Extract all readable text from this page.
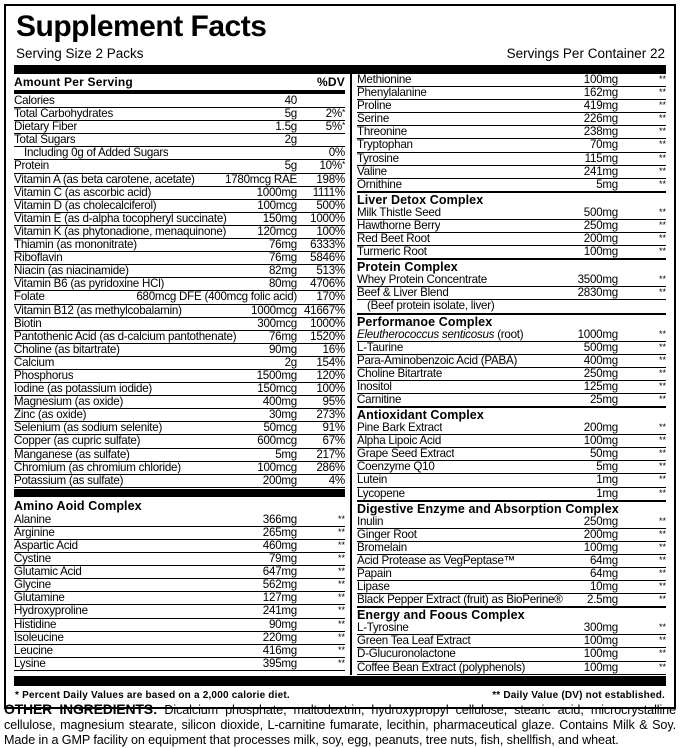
Supplement Facts
Serving Size 2 Packs	Servings Per Container 22
Amount Per Serving	%DV
Calories	40
Total Carbohydrates	5g	2%*
Dietary Fiber	1.5g	5%*
Total Sugars	2g
Including 0g of Added Sugars	0%
Protein	5g	10%*
Vitamin A (as beta carotene, acetate)	1780mcg RAE	198%
Vitamin C (as ascorbic acid)	1000mg	1111%
Vitamin D (as cholecalciferol)	100mcg	500%
Vitamin E (as d-alpha tocopheryl succinate)	150mg	1000%
Vitamin K (as phytonadione, menaquinone)	120mcg	100%
Thiamin (as mononitrate)	76mg	6333%
Riboflavin	76mg	5846%
Niacin (as niacinamide)	82mg	513%
Vitamin B6 (as pyridoxine HCl)	80mg	4706%
Folate	680mcg DFE (400mcg folic acid)	170%
Vitamin B12 (as methylcobalamin)	1000mcg 41667%
Biotin	300mcg	1000%
Pantothenic Acid (as d-calcium pantothenate)	76mg	1520%
Choline (as bitartrate)	90mg	16%
Calcium	2g	154%
Phosphorus	1500mg	120%
Iodine (as potassium iodide)	150mcg	100%
Magnesium (as oxide)	400mg	95%
Zinc (as oxide)	30mg	273%
Selenium (as sodium selenite)	50mcg	91%
Copper (as cupric sulfate)	600mcg	67%
Manganese (as sulfate)	5mg	217%
Chromium (as chromium chloride)	100mcg	286%
Potassium (as sulfate)	200mg	4%
Amino Aoid Complex
Alanine	366mg	**
Arginine	265mg	**
Aspartic Acid	460mg	**
Cystine	79mg	**
Glutamic Acid	647mg	**
Glycine	562mg	**
Glutamine	127mg	**
Hydroxyproline	241mg	**
Histidine	90mg	**
Isoleucine	220mg	**
Leucine	416mg	**
Lysine	395mg	**
Methionine	100mg	**
Phenylalanine	162mg	**
Proline	419mg	**
Serine	226mg	**
Threonine	238mg	**
Tryptophan	70mg	**
Tyrosine	115mg	**
Valine	241mg	**
Ornithine	5mg	**
Liver Detox Complex
Milk Thistle Seed	500mg	**
Hawthorne Berry	250mg	**
Red Beet Root	200mg	**
Turmeric Root	100mg	**
Protein Complex
Whey Protein Concentrate	3500mg	**
Beef & Liver Blend	2830mg	**
(Beef protein isolate, liver)
Performanoe Complex
Eleutherococcus senticosus (root)	1000mg	**
L-Taurine	500mg	**
Para-Aminobenzoic Acid (PABA)	400mg	**
Choline Bitartrate	250mg	**
Inositol	125mg	**
Carnitine	25mg	**
Antioxidant Complex
Pine Bark Extract	200mg	**
Alpha Lipoic Acid	100mg	**
Grape Seed Extract	50mg	**
Coenzyme Q10	5mg	**
Lutein	1mg	**
Lycopene	1mg	**
Digestive Enzyme and Absorption Complex
Inulin	250mg	**
Ginger Root	200mg	**
Bromelain	100mg	**
Acid Protease as VegPeptase™	64mg	**
Papain	64mg	**
Lipase	10mg	**
Black Pepper Extract (fruit) as BioPerine® 2.5mg	**
Energy and Foous Complex
L-Tyrosine	300mg	**
Green Tea Leaf Extract	100mg	**
D-Glucuronolactone	100mg	**
Coffee Bean Extract (polyphenols)	100mg	**
* Percent Daily Values are based on a 2,000 calorie diet.	** Daily Value (DV) not established.
OTHER INGREDIENTS: Dicalcium phosphate, maltodextrin, hydroxypropyl cellulose, stearic acid, microcrystalline cellulose, magnesium stearate, silicon dioxide, L-carnitine fumarate, lecithin, pharmaceutical glaze. Contains Milk & Soy. Made in a GMP facility on equipment that processes milk, soy, egg, peanuts, tree nuts, fish, shellfish, and wheat.
